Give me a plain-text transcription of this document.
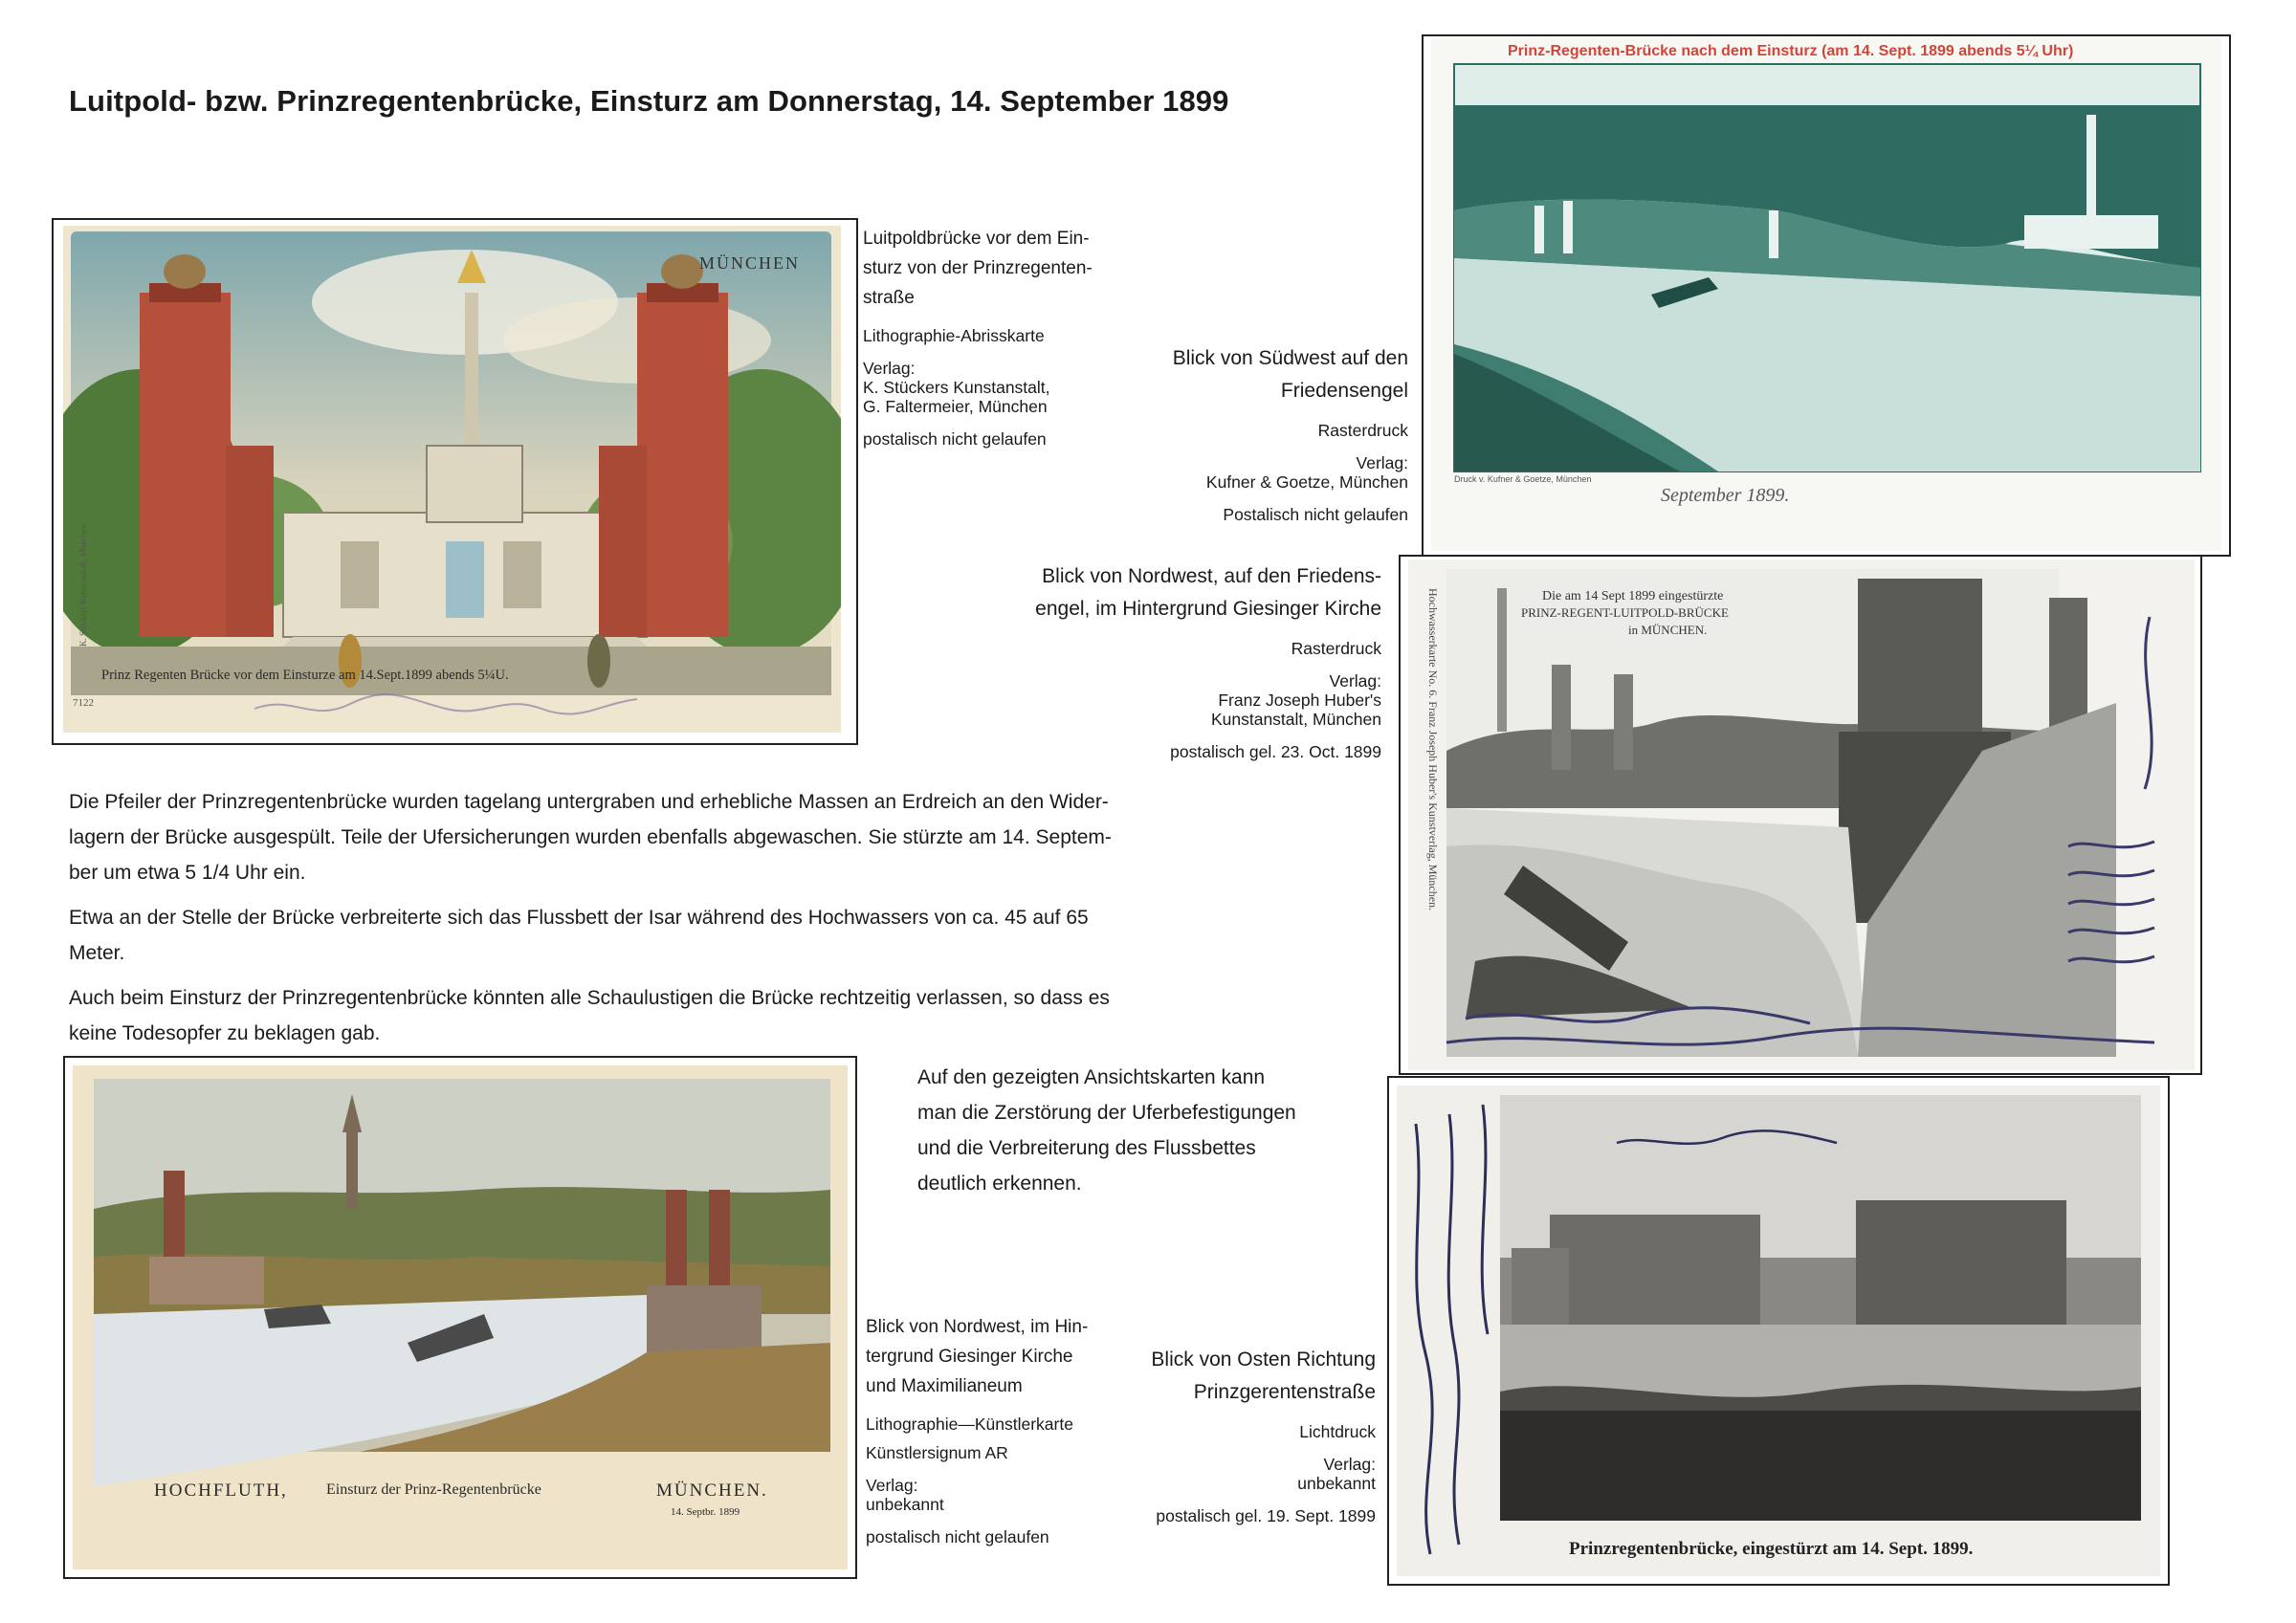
Luitpold- bzw. Prinzregentenbrücke, Einsturz am Donnerstag, 14. September 1899
MÜNCHEN
Prinz Regenten Brücke vor dem Einsturze am 14.Sept.1899 abends 5¼U.
7122
K. Stückers Kunstanstalt, München

Luitpoldbrücke vor dem Ein-

sturz von der Prinzregenten-

straße

Lithographie-Abrisskarte

Verlag:

K. Stückers Kunstanstalt,

G. Faltermeier, München

postalisch nicht gelaufen

Prinz-Regenten-Brücke nach dem Einsturz (am 14. Sept. 1899 abends 5¼ Uhr)
Druck v. Kufner & Goetze, München
September 1899.

Blick von Südwest auf den

Friedensengel

Rasterdruck

Verlag:

Kufner & Goetze, München

Postalisch nicht gelaufen

Die am 14 Sept 1899 eingestürzte
PRINZ-REGENT-LUITPOLD-BRÜCKE
in MÜNCHEN.
Hochwasserkarte No. 6. Franz Joseph Huber's Kunstverlag, München.

Blick von Nordwest, auf den Friedens-

engel, im Hintergrund Giesinger Kirche

Rasterdruck

Verlag:

Franz Joseph Huber's

Kunstanstalt, München

postalisch gel. 23. Oct. 1899

Die Pfeiler der Prinzregentenbrücke wurden tagelang untergraben und erhebliche Massen an Erdreich an den Wider-

lagern der Brücke ausgespült. Teile der Ufersicherungen wurden ebenfalls abgewaschen. Sie stürzte am 14. Septem-

ber um etwa 5 1/4 Uhr ein.

Etwa an der Stelle der Brücke verbreiterte sich das Flussbett der Isar während des Hochwassers von ca. 45 auf 65

Meter.

Auch beim Einsturz der Prinzregentenbrücke könnten alle Schaulustigen die Brücke rechtzeitig verlassen, so dass es

keine Todesopfer zu beklagen gab.

Auf den gezeigten Ansichtskarten kann

man die Zerstörung der Uferbefestigungen

und die Verbreiterung des Flussbettes

deutlich erkennen.

HOCHFLUTH,	Einsturz der Prinz-Regentenbrücke	MÜNCHEN.
14. Septbr. 1899

Blick von Nordwest, im Hin-

tergrund Giesinger Kirche

und Maximilianeum

Lithographie—Künstlerkarte

Künstlersignum AR

Verlag:

unbekannt

postalisch nicht gelaufen

Prinzregentenbrücke, eingestürzt am 14. Sept. 1899.

Blick von Osten Richtung

Prinzgerentenstraße

Lichtdruck

Verlag:

unbekannt

postalisch gel. 19. Sept. 1899
